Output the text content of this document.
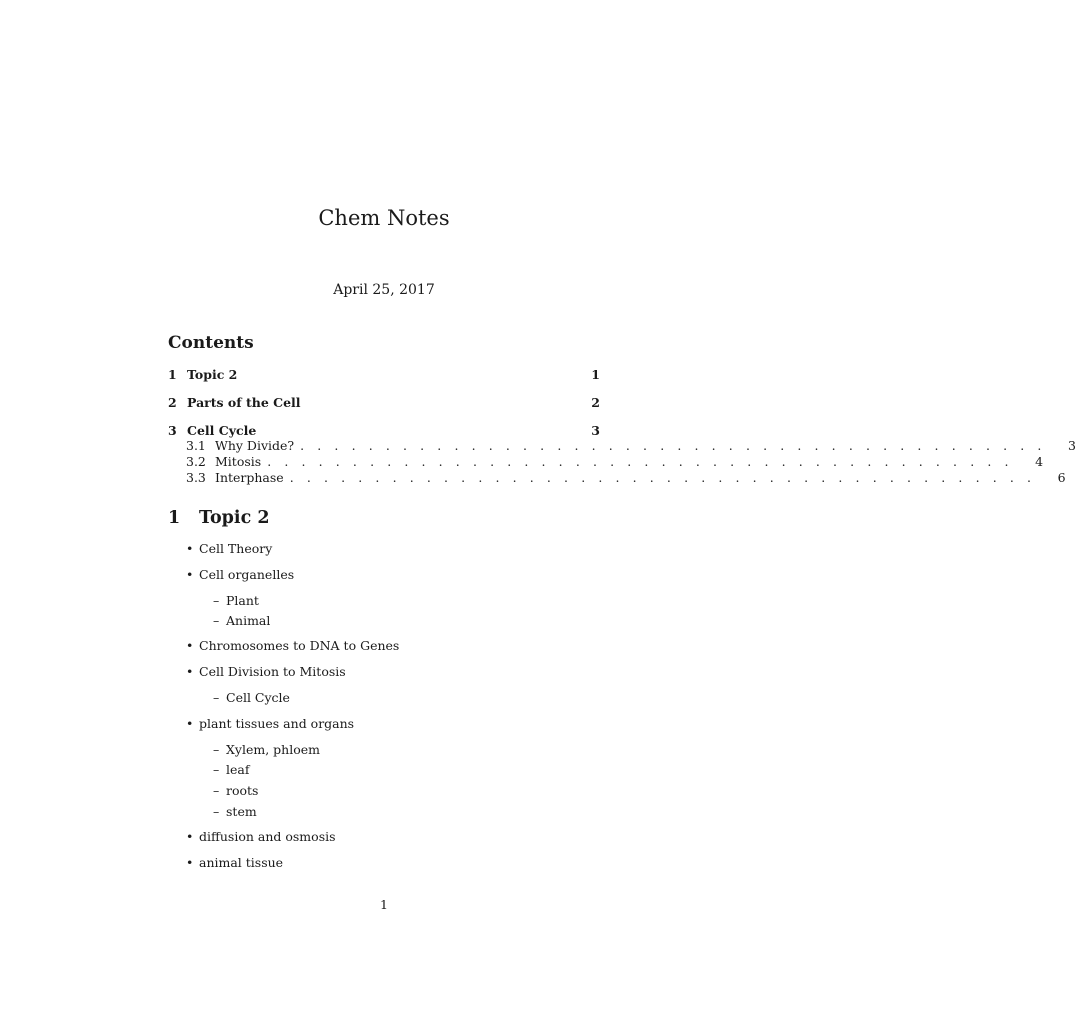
Chem Notes
April 25, 2017
Contents
1 Topic 2	1
2 Parts of the Cell	2
3 Cell Cycle	3
3.1 Why Divide? . . . . . . . . . . . . . . . . . . . . . . . . . . . . . . . . . . . . . . . . . . . . 3
3.2 Mitosis . . . . . . . . . . . . . . . . . . . . . . . . . . . . . . . . . . . . . . . . . . . . 4
3.3 Interphase . . . . . . . . . . . . . . . . . . . . . . . . . . . . . . . . . . . . . . . . . . . . 6
1	Topic 2
• Cell Theory
• Cell organelles
– Plant
– Animal
• Chromosomes to DNA to Genes
• Cell Division to Mitosis
– Cell Cycle
• plant tissues and organs
– Xylem, phloem
– leaf
– roots
– stem
• diffusion and osmosis
• animal tissue
1
